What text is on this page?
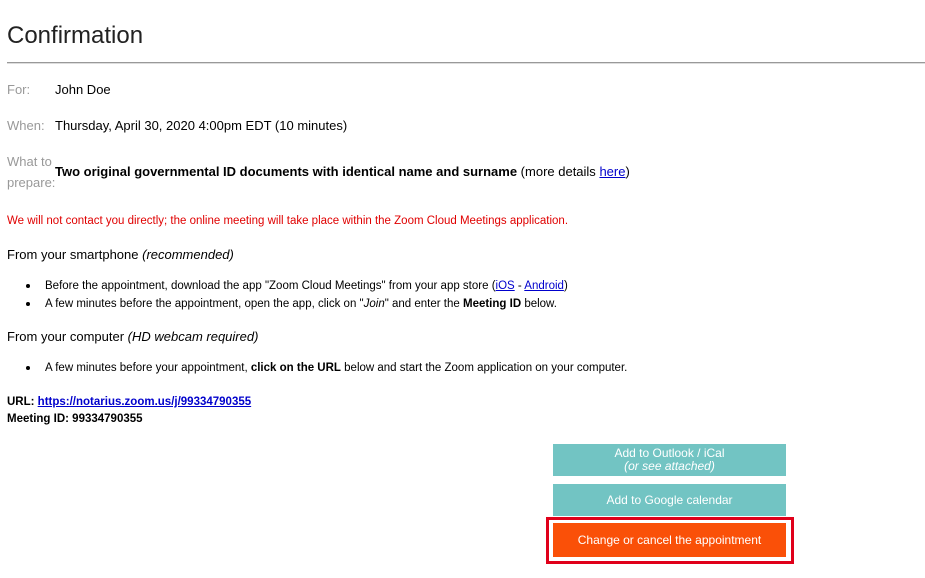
Confirmation
For: John Doe
When: Thursday, April 30, 2020 4:00pm EDT (10 minutes)
What to
prepare:
Two original governmental ID documents with identical name and surname (more details here)
We will not contact you directly; the online meeting will take place within the Zoom Cloud Meetings application.
From your smartphone (recommended)
Before the appointment, download the app "Zoom Cloud Meetings" from your app store (iOS - Android)
A few minutes before the appointment, open the app, click on "Join" and enter the Meeting ID below.
From your computer (HD webcam required)
A few minutes before your appointment, click on the URL below and start the Zoom application on your computer.
URL: https://notarius.zoom.us/j/99334790355
Meeting ID: 99334790355
Add to Outlook / iCal
(or see attached)
Add to Google calendar
Change or cancel the appointment
